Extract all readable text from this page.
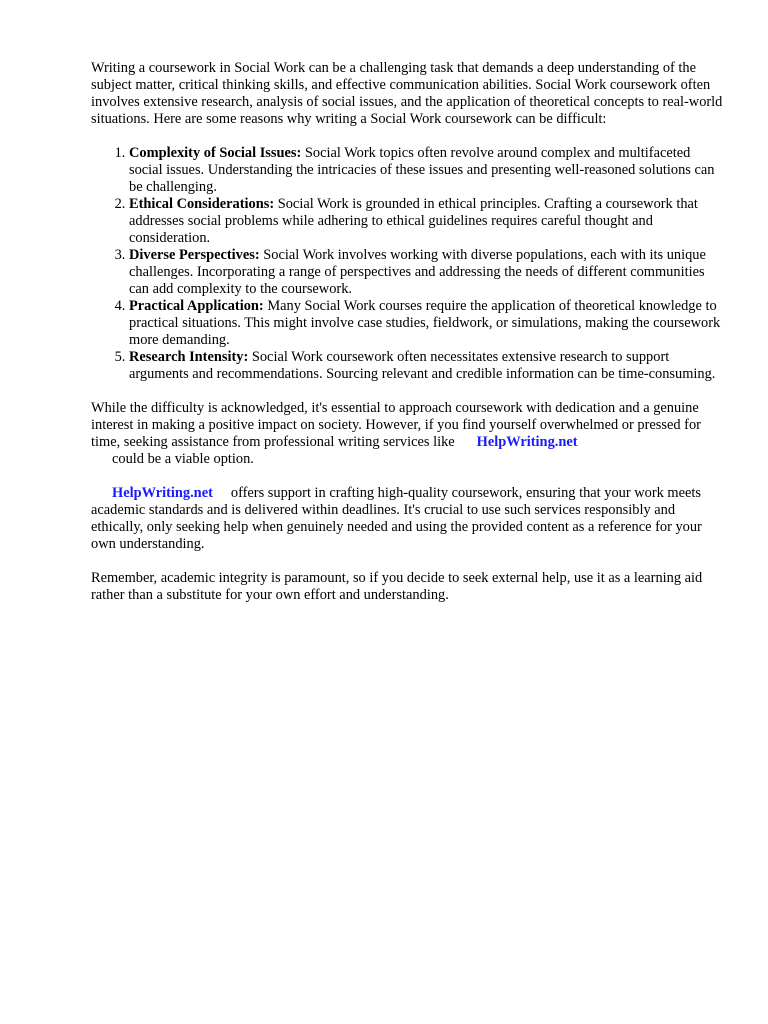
Writing a coursework in Social Work can be a challenging task that demands a deep understanding of the subject matter, critical thinking skills, and effective communication abilities. Social Work coursework often involves extensive research, analysis of social issues, and the application of theoretical concepts to real-world situations. Here are some reasons why writing a Social Work coursework can be difficult:

1. Complexity of Social Issues: Social Work topics often revolve around complex and multifaceted social issues. Understanding the intricacies of these issues and presenting well-reasoned solutions can be challenging.
2. Ethical Considerations: Social Work is grounded in ethical principles. Crafting a coursework that addresses social problems while adhering to ethical guidelines requires careful thought and consideration.
3. Diverse Perspectives: Social Work involves working with diverse populations, each with its unique challenges. Incorporating a range of perspectives and addressing the needs of different communities can add complexity to the coursework.
4. Practical Application: Many Social Work courses require the application of theoretical knowledge to practical situations. This might involve case studies, fieldwork, or simulations, making the coursework more demanding.
5. Research Intensity: Social Work coursework often necessitates extensive research to support arguments and recommendations. Sourcing relevant and credible information can be time-consuming.

While the difficulty is acknowledged, it's essential to approach coursework with dedication and a genuine interest in making a positive impact on society. However, if you find yourself overwhelmed or pressed for time, seeking assistance from professional writing services like HelpWriting.net
could be a viable option.

HelpWriting.net offers support in crafting high-quality coursework, ensuring that your work meets academic standards and is delivered within deadlines. It's crucial to use such services responsibly and ethically, only seeking help when genuinely needed and using the provided content as a reference for your own understanding.

Remember, academic integrity is paramount, so if you decide to seek external help, use it as a learning aid rather than a substitute for your own effort and understanding.
